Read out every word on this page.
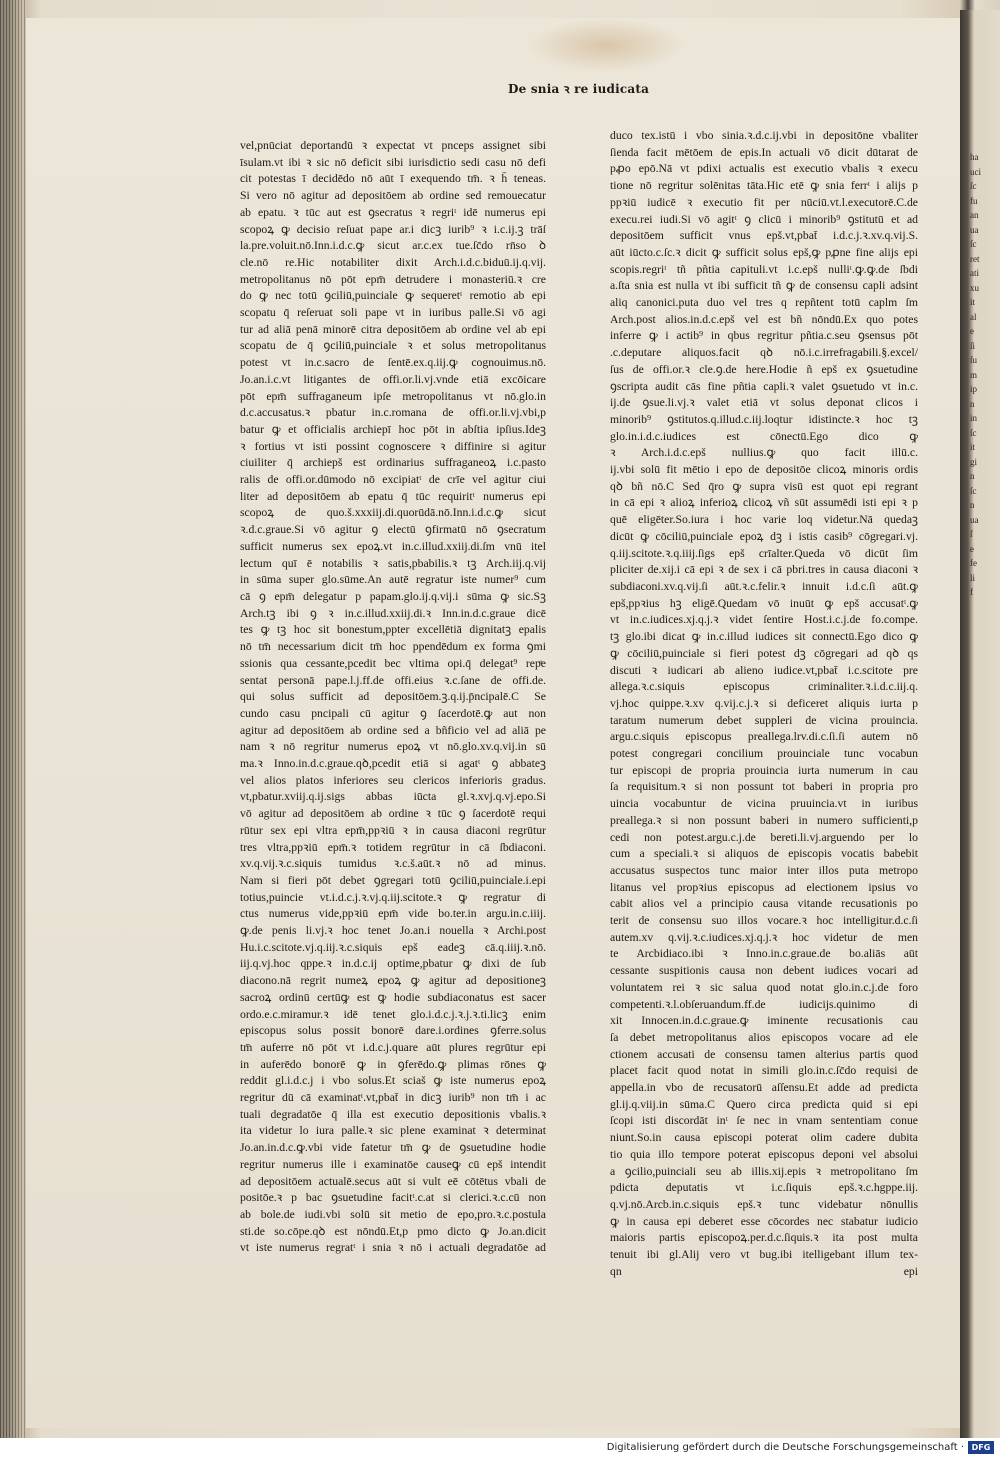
De snia ꝛ re iudicata
vel,pnūciat deportandū ꝛ expectat vt pnceps assignet sibi
īsulam.vt ibi ꝛ sic nō deficit sibi iurisdictio sedi casu nō defi
cit potestas ī decidēdo nō aūt ī exequendo tm̄. ꝛ h̄ teneas.
Si vero nō agitur ad depositōem ab ordine sed remouecatur
ab epatu. ꝛ tūc aut est ꝯsecratus ꝛ regriᵗ idē numerus epi
scopoꝝ ꝙ decisio reſuat pape ar.i dicꝫ iurib⁹ ꝛ i.c.ij.ꝫ trāſ
la.pre.voluit.nō.Inn.i.d.c.ꝙ sicut ar.c.ex tue.ſc̄do rn̄so ꝺ
cle.nō re.Hic notabiliter dixit Arch.i.d.c.biduū.ij.q.vij.
metropolitanus nō pōt epm̄ detrudere i monasteriū.ꝛ cre
do ꝙ nec totū ꝯciliū,puinciale ꝙ sequeretᵗ remotio ab epi
scopatu q̄ reſeruat soli pape vt in iuribus palle.Si vō agi
tur ad aliā penā minorē citra depositōem ab ordine vel ab epi
scopatu de q̄ ꝯciliū,puinciale ꝛ et solus metropolitanus
potest vt in.c.sacro de ſentē.ex.q.iij.ꝙ cognouimus.nō.
Jo.an.i.c.vt litigantes de offi.or.li.vj.vnde etiā excōicare
pōt epm̄ suffraganeum ipſe metropolitanus vt nō.glo.in
d.c.accusatus.ꝛ pbatur in.c.romana de offi.or.li.vj.vbi,p
batur ꝙ et officialis archiepī hoc pōt in abſtia ipſius.Ideꝫ
ꝛ fortius vt isti possint cognoscere ꝛ diffinire si agitur
ciuiliter q̄ archiepš est ordinarius suffraganeoꝝ i.c.pasto
ralis de offi.or.dūmodo nō excipiatᵗ de crīe vel agitur ciui
liter ad depositōem ab epatu q̄ tūc requiritᵗ numerus epi
scopoꝝ de quo.š.xxxiij.di.quorūdā.nō.Inn.i.d.c.ꝙ sicut
ꝛ.d.c.graue.Si vō agitur ꝯ electū ꝯfirmatū nō ꝯsecratum
sufficit numerus sex epoꝝ.vt in.c.illud.xxiij.di.ſm vnū itel
lectum quī ē notabilis ꝛ satis,pbabilis.ꝛ tꝫ Arch.iij.q.vij
in sūma super glo.sūme.An autē regratur iste numer⁹ cum
cā ꝯ epm̄ delegatur p papam.glo.ij.q.vij.i sūma ꝙ sic.Sꝫ
Arch.tꝫ ibi ꝯ ꝛ in.c.illud.xxiij.di.ꝛ Inn.in.d.c.graue dicē
tes ꝙ tꝫ hoc sit bonestum,ppter excellētiā dignitatꝫ epalis
nō tm̄ necessarium dicit tm̄ hoc ppendēdum ex forma ꝯmi
ssionis qua cessante,pcedit bec vltima opi.q̄ delegat⁹ repͤe
sentat personā pape.l.j.ff.de offi.eius ꝛ.c.ſane de offi.de.
qui solus sufficit ad depositōem.ꝫ.q.ij.p̄ncipalē.C Se
cundo casu pncipali cū agitur ꝯ ſacerdotē.ꝙ aut non
agitur ad depositōem ab ordine sed a bñficio vel ad aliā pe
nam ꝛ nō regritur numerus epoꝝ vt nō.glo.xv.q.vij.in sū
ma.ꝛ Inno.in.d.c.graue.qꝺ,pcedit etiā si agatᵗ ꝯ abbateꝫ
vel alios platos inferiores seu clericos inferioris gradus.
vt,pbatur.xviij.q.ij.sigs abbas iūcta gl.ꝛ.xvj.q.vj.epo.Si
vō agitur ad depositōem ab ordine ꝛ tūc ꝯ ſacerdotē requi
rūtur sex epi vltra epm̄,ppꝛiū ꝛ in causa diaconi regrūtur
tres vltra,ppꝛiū epm̄.ꝛ totidem regrūtur in cā ſbdiaconi.
xv.q.vij.ꝛ.c.siquis tumidus ꝛ.c.š.aūt.ꝛ nō ad minus.
Nam si fieri pōt debet ꝯgregari totū ꝯciliū,puinciale.i.epi
totius,puincie vt.i.d.c.j.ꝛ.vj.q.iij.scitote.ꝛ ꝙ regratur di
ctus numerus vide,ppꝛiū epm̄ vide bo.ter.in argu.in.c.iiij.
ꝙ.de penis li.vj.ꝛ hoc tenet Jo.an.i nouella ꝛ Archi.post
Hu.i.c.scitote.vj.q.iij.ꝛ.c.siquis epš eadeꝫ cā.q.iiij.ꝛ.nō.
iij.q.vj.hoc qppe.ꝛ in.d.c.ij optime,pbatur ꝙ dixi de ſub
diacono.nā regrit numeꝝ epoꝝ ꝙ agitur ad depositioneꝫ
sacroꝝ ordinū certūꝙ est ꝙ hodie subdiaconatus est sacer
ordo.e.c.miramur.ꝛ idē tenet glo.i.d.c.j.ꝛ.j.ꝛ.ti.licꝫ enim
episcopus solus possit bonorē dare.i.ordines ꝯferre.solus
tm̄ auferre nō pōt vt i.d.c.j.quare aūt plures regrūtur epi
in auferēdo bonorē ꝙ in ꝯferēdo.ꝙ plimas rōnes ꝙ
reddit gl.i.d.c.j i vbo solus.Et sciaš ꝙ iste numerus epoꝝ
regritur dū cā examinatᵗ.vt,pbat̄ in dicꝫ iurib⁹ non tm̄ i ac
tuali degradatōe q̄ illa est executio depositionis vbalis.ꝛ
ita videtur lo iura palle.ꝛ sic plene examinat ꝛ determinat
Jo.an.in.d.c.ꝙ.vbi vide fatetur tm̄ ꝙ de ꝯsuetudine hodie
regritur numerus ille i examinatōe causeꝙ cū epš intendit
ad depositōem actualē.secus aūt si vult eē cōtētus vbali de
positōe.ꝛ p bac ꝯsuetudine facitᵗ.c.at si clerici.ꝛ.c.cū non
ab bole.de iudi.vbi solū sit metio de epo,pro.ꝛ.c.postula
sti.de so.cōpe.qꝺ est nōndū.Et,p pmo dicto ꝙ Jo.an.dicit
vt iste numerus regratᵗ i snia ꝛ nō i actuali degradatōe ad
duco tex.istū i vbo sinia.ꝛ.d.c.ij.vbi in depositōne vbaliter
ſienda facit mētōem de epis.In actuali vō dicit dūtarat de
pꝓo epō.Nā vt pdixi actualis est executio vbalis ꝛ execu
tione nō regritur solēnitas tāta.Hic etē ꝙ snia ferrᵗ i alijs p
ppꝛiū iudicē ꝛ executio fit per nūciū.vt.l.executorē.C.de
execu.rei iudi.Si vō agitᵗ ꝯ clicū i minorib⁹ ꝯstitutū et ad
depositōem sufficit vnus epš.vt,pbat̄ i.d.c.j.ꝛ.xv.q.vij.S.
aūt iūcto.c.ſc.ꝛ dicit ꝙ sufficit solus epš,ꝙ pꝓne fine alijs epi
scopis.regriᵗ tñ pñtia capituli.vt i.c.epš nulliᵗ.ꝙ.ꝙ.de ſbdi
a.ſta snia est nulla vt ibi sufficit tñ ꝙ de consensu capli adsint
aliq canonici.puta duo vel tres q repñtent totū caplm ſm
Arch.post alios.in.d.c.epš vel est bñ nōndū.Ex quo potes
inferre ꝙ i actib⁹ in qbus regritur pñtia.c.seu ꝯsensus pōt
.c.deputare aliquos.facit qꝺ nō.i.c.irrefragabili.§.excel/
ſus de offi.or.ꝛ cle.ꝯ.de here.Hodie ñ epš ex ꝯsuetudine
ꝯscripta audit cās fine pñtia capli.ꝛ valet ꝯsuetudo vt in.c.
ij.de ꝯsue.li.vj.ꝛ valet etiā vt solus deponat clicos i
minorib⁹ ꝯstitutos.q.illud.c.iij.loqtur idistincte.ꝛ hoc tꝫ
glo.in.i.d.c.iudices est cōnectū.Ego dico ꝙ
ꝛ Arch.i.d.c.epš nullius.ꝙ quo facit illū.c.
ij.vbi solū fit mētio i epo de depositōe clicoꝝ minoris ordis
qꝺ bñ nō.C Sed q̄ro ꝙ supra visū est quot epi regrant
in cā epi ꝛ alioꝝ inferioꝝ clicoꝝ vñ sūt assumēdi isti epi ꝛ p
quē eligēter.So.iura i hoc varie loq videtur.Nā quedaꝫ
dicūt ꝙ cōciliū,puinciale epoꝝ dꝫ i istis casib⁹ cōgregari.vj.
q.iij.scitote.ꝛ.q.iiij.ſigs epš crīalter.Queda vō dicūt ſim
pliciter de.xij.i cā epi ꝛ de sex i cā pbri.tres in causa diaconi ꝛ
subdiaconi.xv.q.vij.ſi aūt.ꝛ.c.felir.ꝛ innuit i.d.c.ſi aūt.ꝙ
epš,ppꝛius hꝫ eligē.Quedam vō inuūt ꝙ epš accusatᵗ.ꝙ
vt in.c.iudices.xj.q.j.ꝛ videt ſentire Host.i.c.j.de fo.compe.
tꝫ glo.ibi dicat ꝙ in.c.illud iudices sit connectū.Ego dico ꝙ
ꝙ cōciliū,puinciale si fieri potest dꝫ cōgregari ad qꝺ qs
discuti ꝛ iudicari ab alieno iudice.vt,pbat̄ i.c.scitote pre
allega.ꝛ.c.siquis episcopus criminaliter.ꝛ.i.d.c.iij.q.
vj.hoc quippe.ꝛ.xv q.vij.c.j.ꝛ si deficeret aliquis iurta p
taratum numerum debet suppleri de vicina prouincia.
argu.c.siquis episcopus preallega.lrv.di.c.ſi.ſi autem nō
potest congregari concilium prouinciale tunc vocabun
tur episcopi de propria prouincia iurta numerum in cau
ſa requisitum.ꝛ si non possunt tot baberi in propria pro
uincia vocabuntur de vicina pruuincia.vt in iuribus
preallega.ꝛ si non possunt baberi in numero sufficienti,p
cedi non potest.argu.c.j.de bereti.li.vj.arguendo per lo
cum a speciali.ꝛ si aliquos de episcopis vocatis babebit
accusatus suspectos tunc maior inter illos puta metropo
litanus vel propꝛius episcopus ad electionem ipsius vo
cabit alios vel a principio causa vitande recusationis po
terit de consensu suo illos vocare.ꝛ hoc intelligitur.d.c.ſi
autem.xv q.vij.ꝛ.c.iudices.xj.q.j.ꝛ hoc videtur de men
te Arcbidiaco.ibi ꝛ Inno.in.c.graue.de bo.aliās aūt
cessante suspitionis causa non debent iudices vocari ad
voluntatem rei ꝛ sic salua quod notat glo.in.c.j.de foro
competenti.ꝛ.l.obſeruandum.ff.de iudicijs.quinimo di
xit Innocen.in.d.c.graue.ꝙ iminente recusationis cau
ſa debet metropolitanus alios episcopos vocare ad ele
ctionem accusati de consensu tamen alterius partis quod
placet facit quod notat in simili glo.in.c.ſc̄do requisi de
appella.in vbo de recusatorū aſſensu.Et adde ad predicta
gl.ij.q.viij.in sūma.C Quero circa predicta quid si epi
ſcopi isti discordāt inᵗ ſe nec in vnam sententiam conue
niunt.So.in causa episcopi poterat olim cadere dubita
tio quia illo tempore poterat episcopus deponi vel absolui
a ꝯcilio,puinciali seu ab illis.xij.epis ꝛ metropolitano ſm
pdicta deputatis vt i.c.ſiquis epš.ꝛ.c.hgppe.iij.
q.vj.nō.Arcb.in.c.siquis epš.ꝛ tunc videbatur nōnullis
ꝙ in causa epi deberet esse cōcordes nec stabatur iudicio
maioris partis episcopoꝝ.per.d.c.ſiquis.ꝛ ita post multa
tenuit ibi gl.Alij vero vt bug.ibi itelligebant illum tex-
qn epi
ha
uci
ſc
fu
an
ua
ſc
ret
ati
xu
it
al
e
ſi
ſu
m
ip
n
in
ſc
it
gi
n
ſc
n
ua
ſ
e
fe
li
f
Digitalisierung gefördert durch die Deutsche Forschungsgemeinschaft · DFG
